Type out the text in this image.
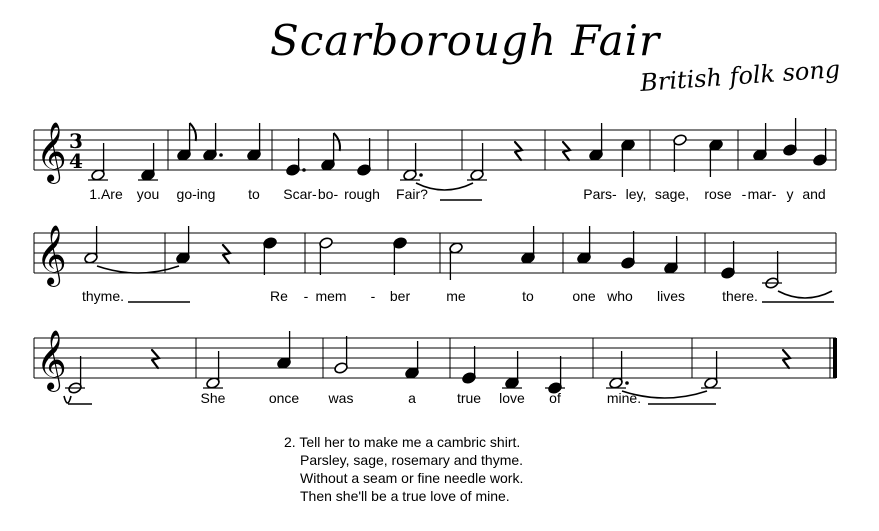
Scarborough Fair
British folk song
𝄞 3
4
1.Are you go-ing to Scar- bo- rough Fair?	Pars- ley, sage, rose - mar- y and
𝄞
thyme.	Re - mem - ber	me	to	one who lives	there.
𝄞
She	once was	a	true love of	mine.
2. Tell her to make me a cambric shirt.
Parsley, sage, rosemary and thyme.
Without a seam or fine needle work.
Then she'll be a true love of mine.
